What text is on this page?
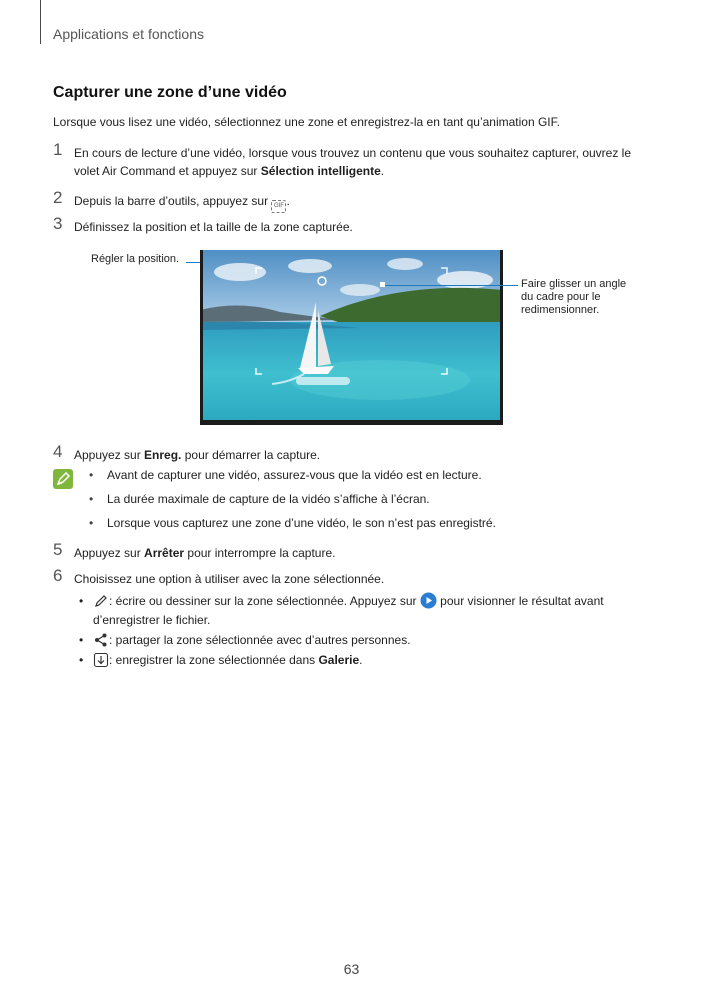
Applications et fonctions
Capturer une zone d’une vidéo
Lorsque vous lisez une vidéo, sélectionnez une zone et enregistrez-la en tant qu’animation GIF.
1 En cours de lecture d’une vidéo, lorsque vous trouvez un contenu que vous souhaitez capturer, ouvrez le
volet Air Command et appuyez sur Sélection intelligente.
2 Depuis la barre d’outils, appuyez sur GIF .
3 Définissez la position et la taille de la zone capturée.
Régler la position.
Faire glisser un angle du cadre pour le redimensionner.
4 Appuyez sur Enreg. pour démarrer la capture.
• Avant de capturer une vidéo, assurez-vous que la vidéo est en lecture.
• La durée maximale de capture de la vidéo s’affiche à l’écran.
• Lorsque vous capturez une zone d’une vidéo, le son n’est pas enregistré.
5 Appuyez sur Arrêter pour interrompre la capture.
6 Choisissez une option à utiliser avec la zone sélectionnée.
•	: écrire ou dessiner sur la zone sélectionnée. Appuyez sur  pour visionner le résultat avant
d’enregistrer le fichier.
•	: partager la zone sélectionnée avec d’autres personnes.
•	: enregistrer la zone sélectionnée dans Galerie.
63
